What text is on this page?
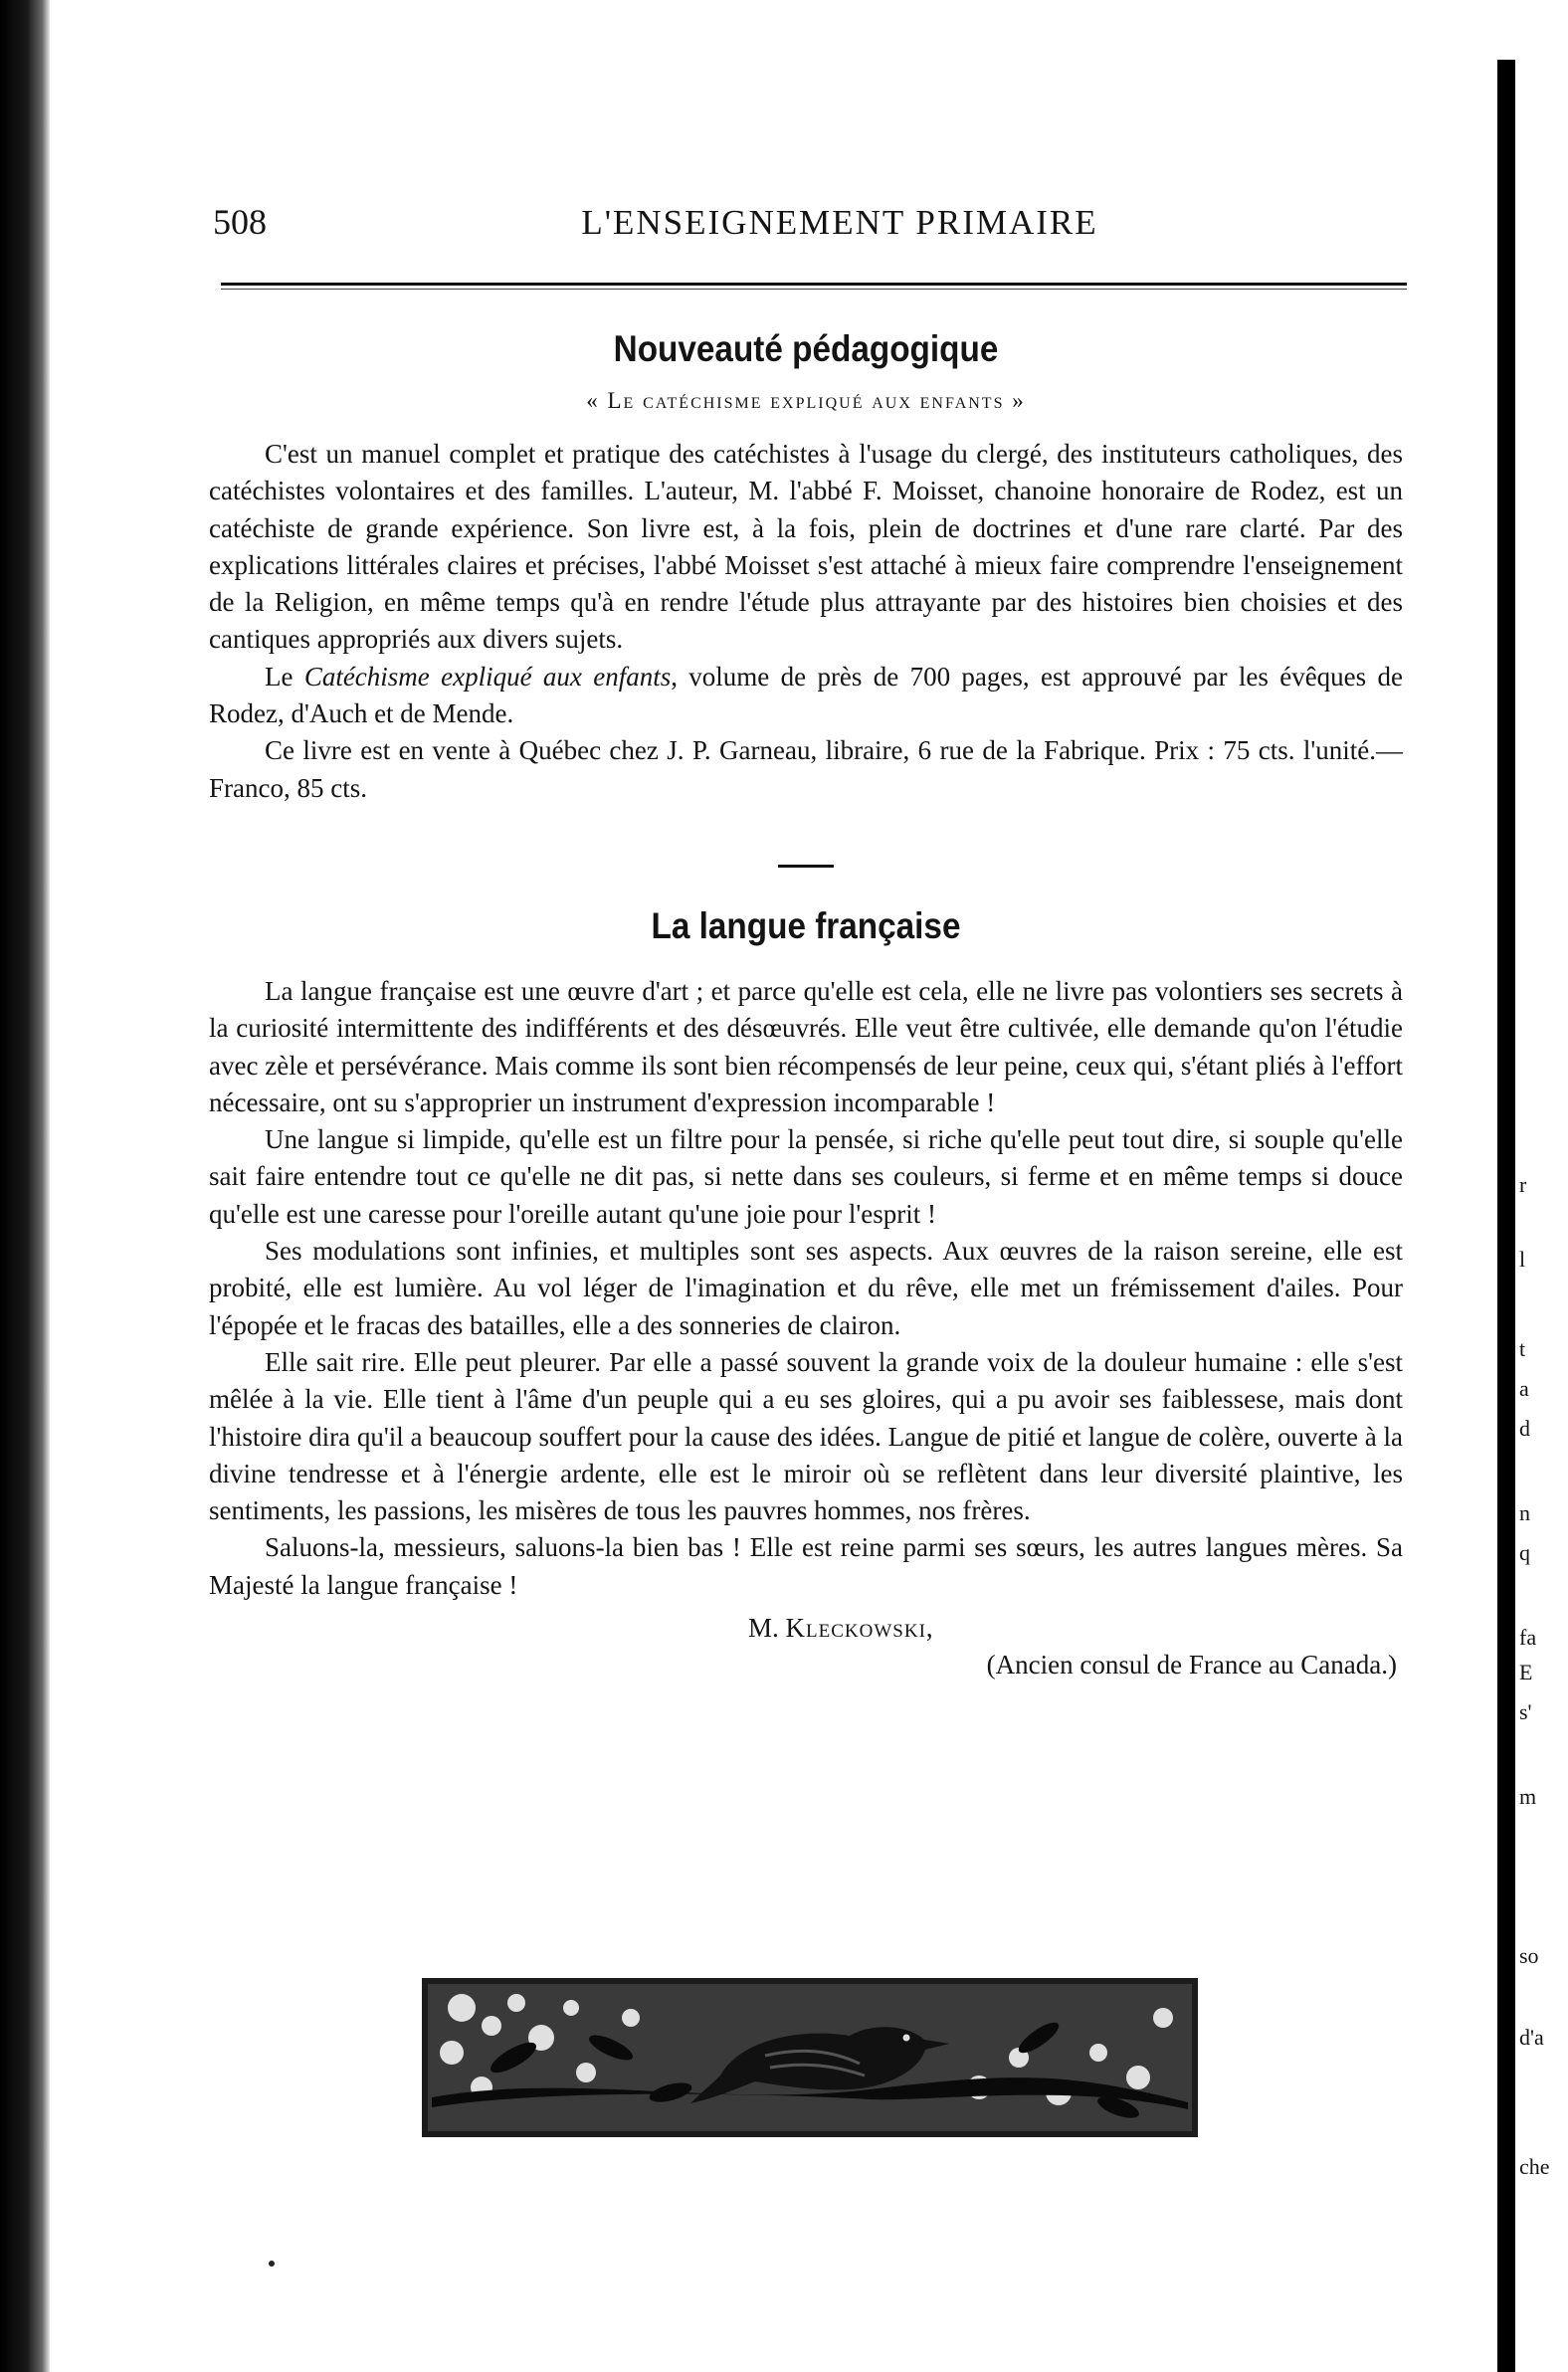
r
l
t
a
d
n
q
fa
E
s'
m
so
d'a
che
508	L'ENSEIGNEMENT PRIMAIRE
Nouveauté pédagogique
« Le catéchisme expliqué aux enfants »

C'est un manuel complet et pratique des catéchistes à l'usage du clergé, des instituteurs catholiques, des catéchistes volontaires et des familles. L'auteur, M. l'abbé F. Moisset, chanoine honoraire de Rodez, est un catéchiste de grande expérience. Son livre est, à la fois, plein de doctrines et d'une rare clarté. Par des explications littérales claires et précises, l'abbé Moisset s'est attaché à mieux faire comprendre l'enseignement de la Religion, en même temps qu'à en rendre l'étude plus attrayante par des histoires bien choisies et des cantiques appropriés aux divers sujets.

Le Catéchisme expliqué aux enfants, volume de près de 700 pages, est approuvé par les évêques de Rodez, d'Auch et de Mende.

Ce livre est en vente à Québec chez J. P. Garneau, libraire, 6 rue de la Fabrique. Prix : 75 cts. l'unité.—Franco, 85 cts.

La langue française

La langue française est une œuvre d'art ; et parce qu'elle est cela, elle ne livre pas volontiers ses secrets à la curiosité intermittente des indifférents et des désœuvrés. Elle veut être cultivée, elle demande qu'on l'étudie avec zèle et persévérance. Mais comme ils sont bien récompensés de leur peine, ceux qui, s'étant pliés à l'effort nécessaire, ont su s'approprier un instrument d'expression incomparable !

Une langue si limpide, qu'elle est un filtre pour la pensée, si riche qu'elle peut tout dire, si souple qu'elle sait faire entendre tout ce qu'elle ne dit pas, si nette dans ses couleurs, si ferme et en même temps si douce qu'elle est une caresse pour l'oreille autant qu'une joie pour l'esprit !

Ses modulations sont infinies, et multiples sont ses aspects. Aux œuvres de la raison sereine, elle est probité, elle est lumière. Au vol léger de l'imagination et du rêve, elle met un frémissement d'ailes. Pour l'épopée et le fracas des batailles, elle a des sonneries de clairon.

Elle sait rire. Elle peut pleurer. Par elle a passé souvent la grande voix de la douleur humaine : elle s'est mêlée à la vie. Elle tient à l'âme d'un peuple qui a eu ses gloires, qui a pu avoir ses faiblessese, mais dont l'histoire dira qu'il a beaucoup souffert pour la cause des idées. Langue de pitié et langue de colère, ouverte à la divine tendresse et à l'énergie ardente, elle est le miroir où se reflètent dans leur diversité plaintive, les sentiments, les passions, les misères de tous les pauvres hommes, nos frères.

Saluons-la, messieurs, saluons-la bien bas ! Elle est reine parmi ses sœurs, les autres langues mères. Sa Majesté la langue française !

M. Kleckowski,
(Ancien consul de France au Canada.)
